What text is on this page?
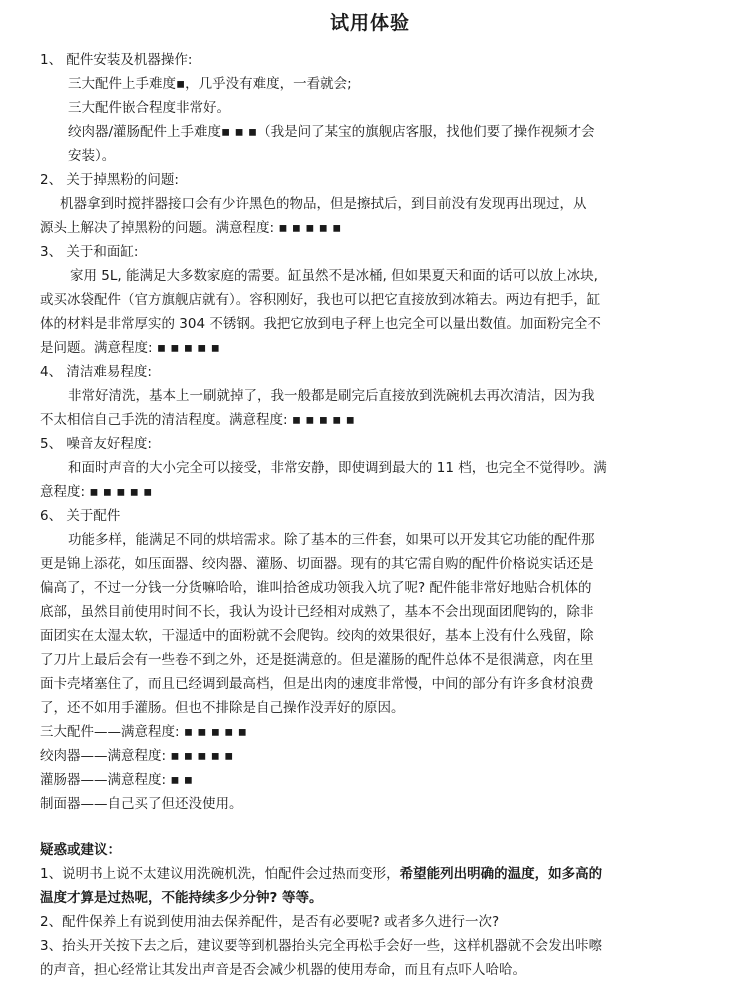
试用体验
1、 配件安装及机器操作:
三大配件上手难度▪，几乎没有难度，一看就会;
三大配件嵌合程度非常好。
绞肉器/灌肠配件上手难度▪ ▪ ▪（我是问了某宝的旗舰店客服，找他们要了操作视频才会
安装）。
2、 关于掉黑粉的问题:
机器拿到时搅拌器接口会有少许黑色的物品，但是擦拭后，到目前没有发现再出现过，从
源头上解决了掉黑粉的问题。满意程度: ▪ ▪ ▪ ▪ ▪
3、 关于和面缸:
家用 5L, 能满足大多数家庭的需要。缸虽然不是冰桶, 但如果夏天和面的话可以放上冰块,
或买冰袋配件（官方旗舰店就有）。容积刚好，我也可以把它直接放到冰箱去。两边有把手，缸
体的材料是非常厚实的 304 不锈钢。我把它放到电子秤上也完全可以量出数值。加面粉完全不
是问题。满意程度: ▪ ▪ ▪ ▪ ▪
4、 清洁难易程度:
非常好清洗，基本上一刷就掉了，我一般都是刷完后直接放到洗碗机去再次清洁，因为我
不太相信自己手洗的清洁程度。满意程度: ▪ ▪ ▪ ▪ ▪
5、 噪音友好程度:
和面时声音的大小完全可以接受，非常安静，即使调到最大的 11 档，也完全不觉得吵。满
意程度: ▪ ▪ ▪ ▪ ▪
6、 关于配件
功能多样，能满足不同的烘培需求。除了基本的三件套，如果可以开发其它功能的配件那
更是锦上添花，如压面器、绞肉器、灌肠、切面器。现有的其它需自购的配件价格说实话还是
偏高了，不过一分钱一分货嘛哈哈，谁叫拾爸成功领我入坑了呢? 配件能非常好地贴合机体的
底部，虽然目前使用时间不长，我认为设计已经相对成熟了，基本不会出现面团爬钩的，除非
面团实在太湿太软，干湿适中的面粉就不会爬钩。绞肉的效果很好，基本上没有什么残留，除
了刀片上最后会有一些卷不到之外，还是挺满意的。但是灌肠的配件总体不是很满意，肉在里
面卡壳堵塞住了，而且已经调到最高档，但是出肉的速度非常慢，中间的部分有许多食材浪费
了，还不如用手灌肠。但也不排除是自己操作没弄好的原因。
三大配件——满意程度: ▪ ▪ ▪ ▪ ▪
绞肉器——满意程度: ▪ ▪ ▪ ▪ ▪
灌肠器——满意程度: ▪ ▪
制面器——自己买了但还没使用。
疑惑或建议：
1、说明书上说不太建议用洗碗机洗，怕配件会过热而变形，希望能列出明确的温度，如多高的
温度才算是过热呢，不能持续多少分钟? 等等。
2、配件保养上有说到使用油去保养配件，是否有必要呢? 或者多久进行一次?
3、抬头开关按下去之后，建议要等到机器抬头完全再松手会好一些，这样机器就不会发出咔嚓
的声音，担心经常让其发出声音是否会减少机器的使用寿命，而且有点吓人哈哈。
